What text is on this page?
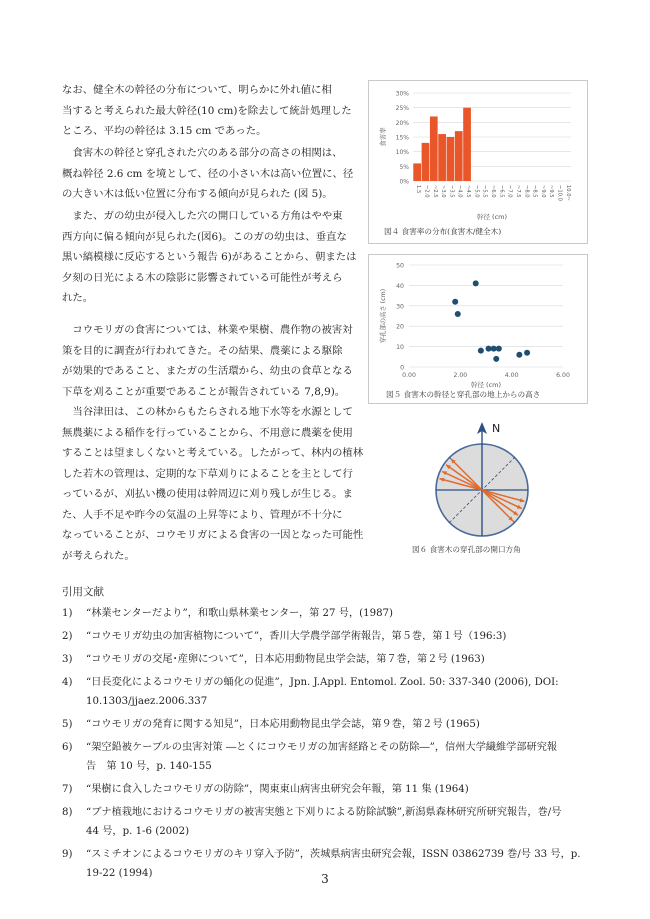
なお、健全木の幹径の分布について、明らかに外れ値に相
当すると考えられた最大幹径(10 cm)を除去して統計処理した
ところ、平均の幹径は 3.15 cm であった。
　食害木の幹径と穿孔された穴のある部分の高さの相関は、
概ね幹径 2.6 cm を境として、径の小さい木は高い位置に、径
の大きい木は低い位置に分布する傾向が見られた (図 5)。
　また、ガの幼虫が侵入した穴の開口している方角はやや東
西方向に偏る傾向が見られた(図6)。このガの幼虫は、垂直な
黒い縞模様に反応するという報告 6)があることから、朝または
夕刻の日光による木の陰影に影響されている可能性が考えら
れた。
　コウモリガの食害については、林業や果樹、農作物の被害対
策を目的に調査が行われてきた。その結果、農薬による駆除
が効果的であること、またガの生活環から、幼虫の食草となる
下草を刈ることが重要であることが報告されている 7,8,9)。
　当谷津田は、この林からもたらされる地下水等を水源として
無農薬による稲作を行っていることから、不用意に農薬を使用
することは望ましくないと考えている。したがって、林内の植林
した若木の管理は、定期的な下草刈りによることを主として行
っているが、刈払い機の使用は幹周辺に刈り残しが生じる。ま
た、人手不足や昨今の気温の上昇等により、管理が不十分に
なっていることが、コウモリガによる食害の一因となった可能性
が考えられた。
0%
5%
10%
15%
20%
25%
30%
1.5 ~2.0 ~2.5 ~3.0 ~3.5 ~4.0 ~4.5 ~5.0 ~5.5 ~6.0 ~6.5 ~7.0 ~7.5 ~8.0 ~8.5 ~9.0 ~9.5 ~10.0 10.0~
食害率
幹径 (cm)
図４ 食害率の分布(食害木/健全木)
0
10
20
30
40
50
0.00	2.00	4.00	6.00
穿孔部の高さ (cm)
幹径 (cm)
図５ 食害木の幹径と穿孔部の地上からの高さ
N
図６ 食害木の穿孔部の開口方角
引用文献
1) “林業センターだより”，和歌山県林業センター，第 27 号，(1987)
2) “コウモリガ幼虫の加害植物について”，香川大学農学部学術報告，第５巻，第１号（196:3)
3) “コウモリガの交尾･産卵について”，日本応用動物昆虫学会誌，第７巻，第２号 (1963)
4) “日長変化によるコウモリガの蛹化の促進”，Jpn. J.Appl. Entomol. Zool. 50: 337-340 (2006), DOI:
10.1303/jjaez.2006.337
5) “コウモリガの発育に関する知見”，日本応用動物昆虫学会誌，第９巻，第２号 (1965)
6) “架空鉛被ケーブルの虫害対策 ―とくにコウモリガの加害経路とその防除―”，信州大学繊維学部研究報
告　第 10 号，p. 140-155
7) “果樹に食入したコウモリガの防除”，関東東山病害虫研究会年報，第 11 集 (1964)
8) “ブナ植栽地におけるコウモリガの被害実態と下刈りによる防除試験”,新潟県森林研究所研究報告，巻/号
44 号，p. 1-6 (2002)
9) “スミチオンによるコウモリガのキリ穿入予防”，茨城県病害虫研究会報，ISSN 03862739 巻/号 33 号，p.
19-22 (1994)	3
